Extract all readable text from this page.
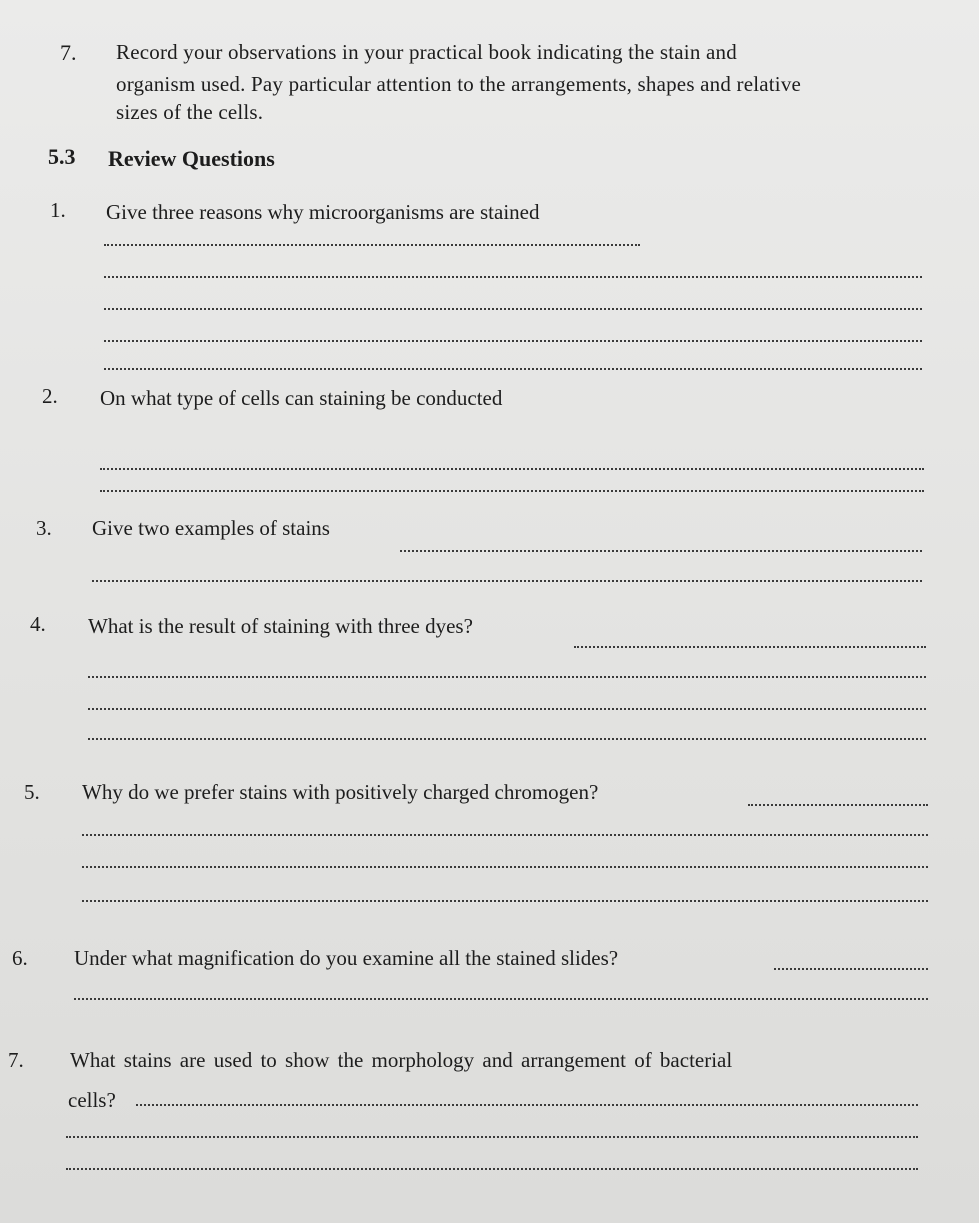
7. Record your observations in your practical book indicating the stain and
organism used. Pay particular attention to the arrangements, shapes and relative
sizes of the cells.
5.3 Review Questions
1. Give three reasons why microorganisms are stained
2. On what type of cells can staining be conducted
3. Give two examples of stains
4. What is the result of staining with three dyes?
5. Why do we prefer stains with positively charged chromogen?
6. Under what magnification do you examine all the stained slides?
7. What stains are used to show the morphology and arrangement of bacterial
cells?
